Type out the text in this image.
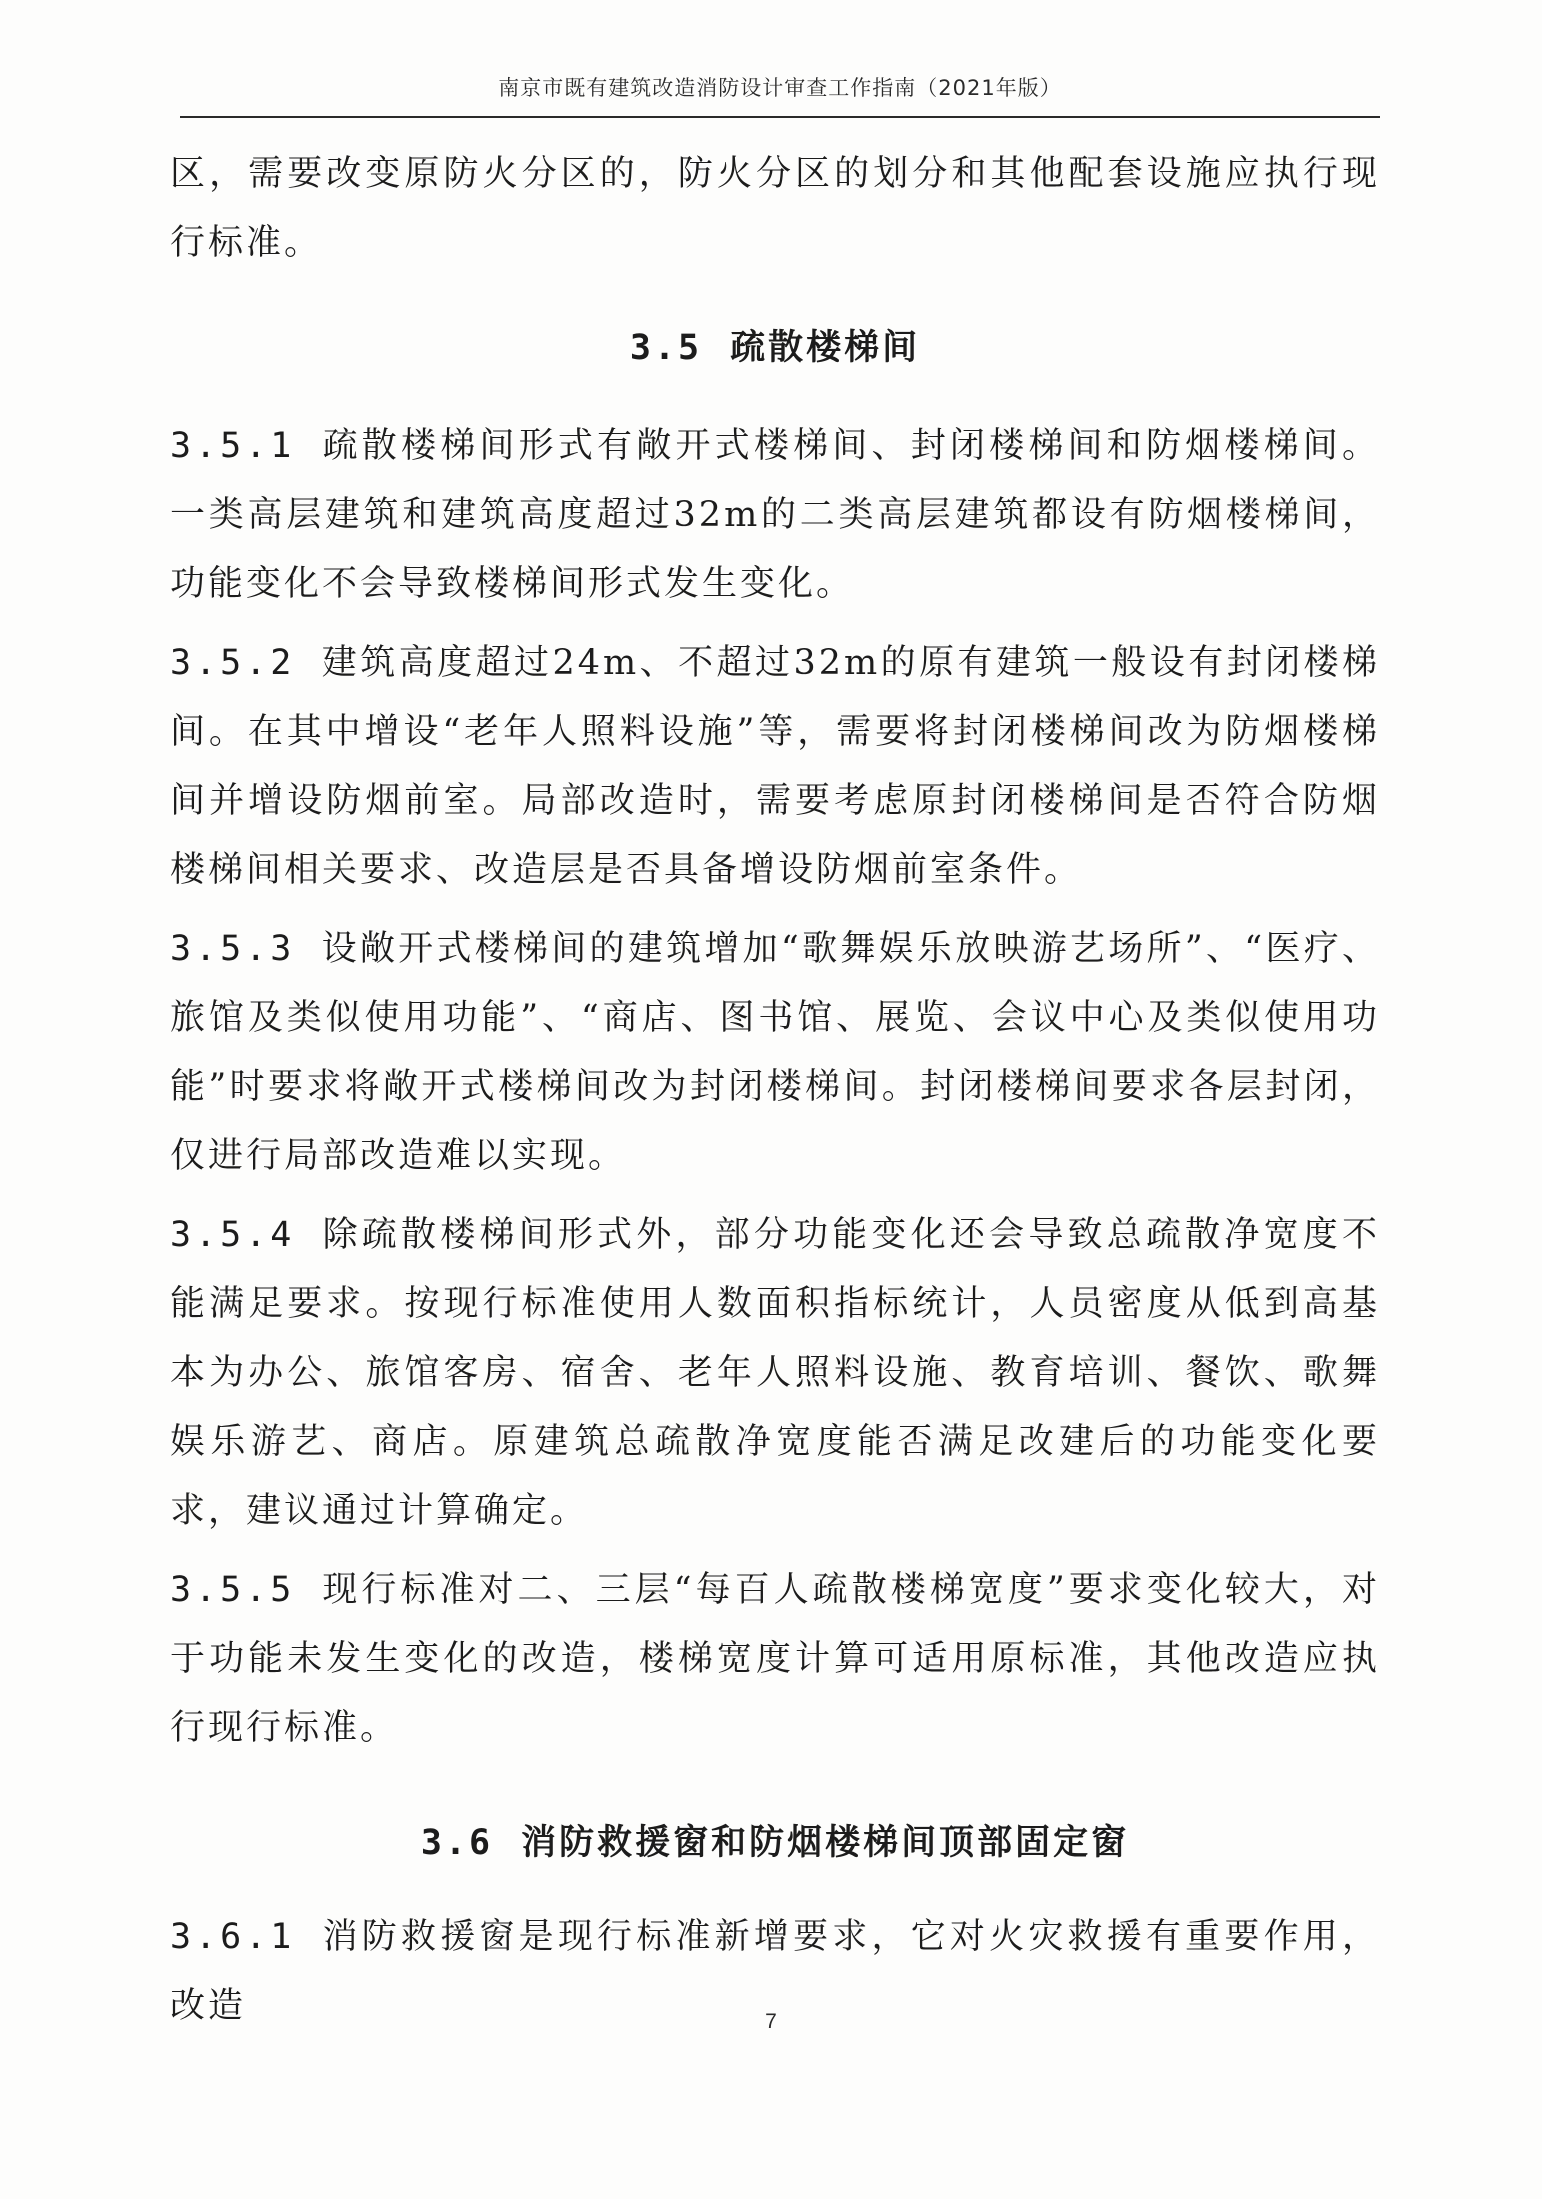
南京市既有建筑改造消防设计审查工作指南（2021年版）

区，需要改变原防火分区的，防火分区的划分和其他配套设施应执行现行标准。

3.5 疏散楼梯间

3.5.1 疏散楼梯间形式有敞开式楼梯间、封闭楼梯间和防烟楼梯间。一类高层建筑和建筑高度超过32m的二类高层建筑都设有防烟楼梯间，功能变化不会导致楼梯间形式发生变化。

3.5.2 建筑高度超过24m、不超过32m的原有建筑一般设有封闭楼梯间。在其中增设“老年人照料设施”等，需要将封闭楼梯间改为防烟楼梯间并增设防烟前室。局部改造时，需要考虑原封闭楼梯间是否符合防烟楼梯间相关要求、改造层是否具备增设防烟前室条件。

3.5.3 设敞开式楼梯间的建筑增加“歌舞娱乐放映游艺场所”、“医疗、旅馆及类似使用功能”、“商店、图书馆、展览、会议中心及类似使用功能”时要求将敞开式楼梯间改为封闭楼梯间。封闭楼梯间要求各层封闭，仅进行局部改造难以实现。

3.5.4 除疏散楼梯间形式外，部分功能变化还会导致总疏散净宽度不能满足要求。按现行标准使用人数面积指标统计，人员密度从低到高基本为办公、旅馆客房、宿舍、老年人照料设施、教育培训、餐饮、歌舞娱乐游艺、商店。原建筑总疏散净宽度能否满足改建后的功能变化要求，建议通过计算确定。

3.5.5 现行标准对二、三层“每百人疏散楼梯宽度”要求变化较大，对于功能未发生变化的改造，楼梯宽度计算可适用原标准，其他改造应执行现行标准。

3.6 消防救援窗和防烟楼梯间顶部固定窗

3.6.1 消防救援窗是现行标准新增要求，它对火灾救援有重要作用，改造	7
